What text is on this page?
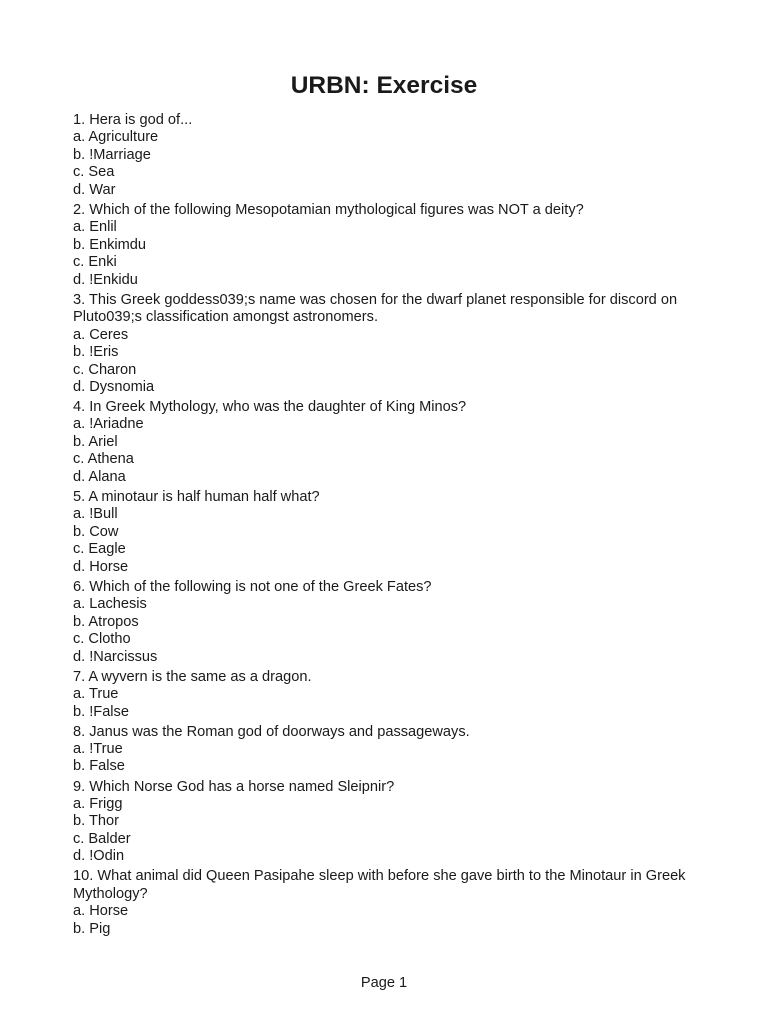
URBN: Exercise
1. Hera is god of...
a. Agriculture
b. !Marriage
c. Sea
d. War
2. Which of the following Mesopotamian mythological figures was NOT a deity?
a. Enlil
b. Enkimdu
c. Enki
d. !Enkidu
3. This Greek goddess039;s name was chosen for the dwarf planet responsible for discord on Pluto039;s classification amongst astronomers.
a. Ceres
b. !Eris
c. Charon
d. Dysnomia
4. In Greek Mythology, who was the daughter of King Minos?
a. !Ariadne
b. Ariel
c. Athena
d. Alana
5. A minotaur is half human half what?
a. !Bull
b. Cow
c. Eagle
d. Horse
6. Which of the following is not one of the Greek Fates?
a. Lachesis
b. Atropos
c. Clotho
d. !Narcissus
7. A wyvern is the same as a dragon.
a. True
b. !False
8. Janus was the Roman god of doorways and passageways.
a. !True
b. False
9. Which Norse God has a horse named Sleipnir?
a. Frigg
b. Thor
c. Balder
d. !Odin
10. What animal did Queen Pasipahe sleep with before she gave birth to the Minotaur in Greek Mythology?
a. Horse
b. Pig
Page 1
